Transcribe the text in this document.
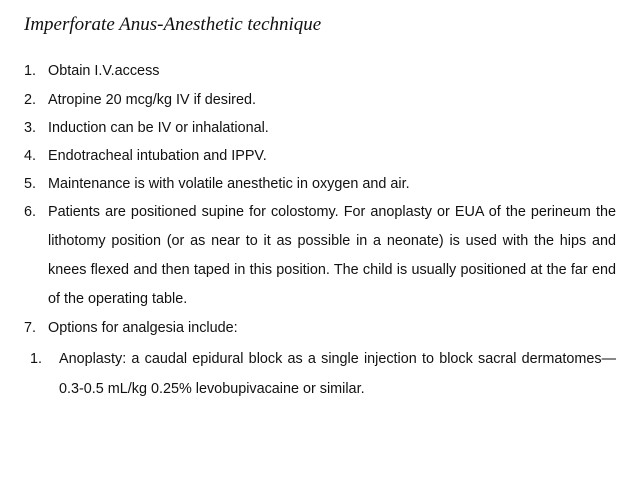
Imperforate Anus-Anesthetic technique
1. Obtain I.V.access
2. Atropine 20 mcg/kg IV if desired.
3. Induction can be IV or inhalational.
4. Endotracheal intubation and IPPV.
5. Maintenance is with volatile anesthetic in oxygen and air.
6. Patients are positioned supine for colostomy. For anoplasty or EUA of the perineum the lithotomy position (or as near to it as possible in a neonate) is used with the hips and knees flexed and then taped in this position. The child is usually positioned at the far end of the operating table.
7. Options for analgesia include:
1. Anoplasty: a caudal epidural block as a single injection to block sacral dermatomes— 0.3-0.5 mL/kg 0.25% levobupivacaine or similar.
